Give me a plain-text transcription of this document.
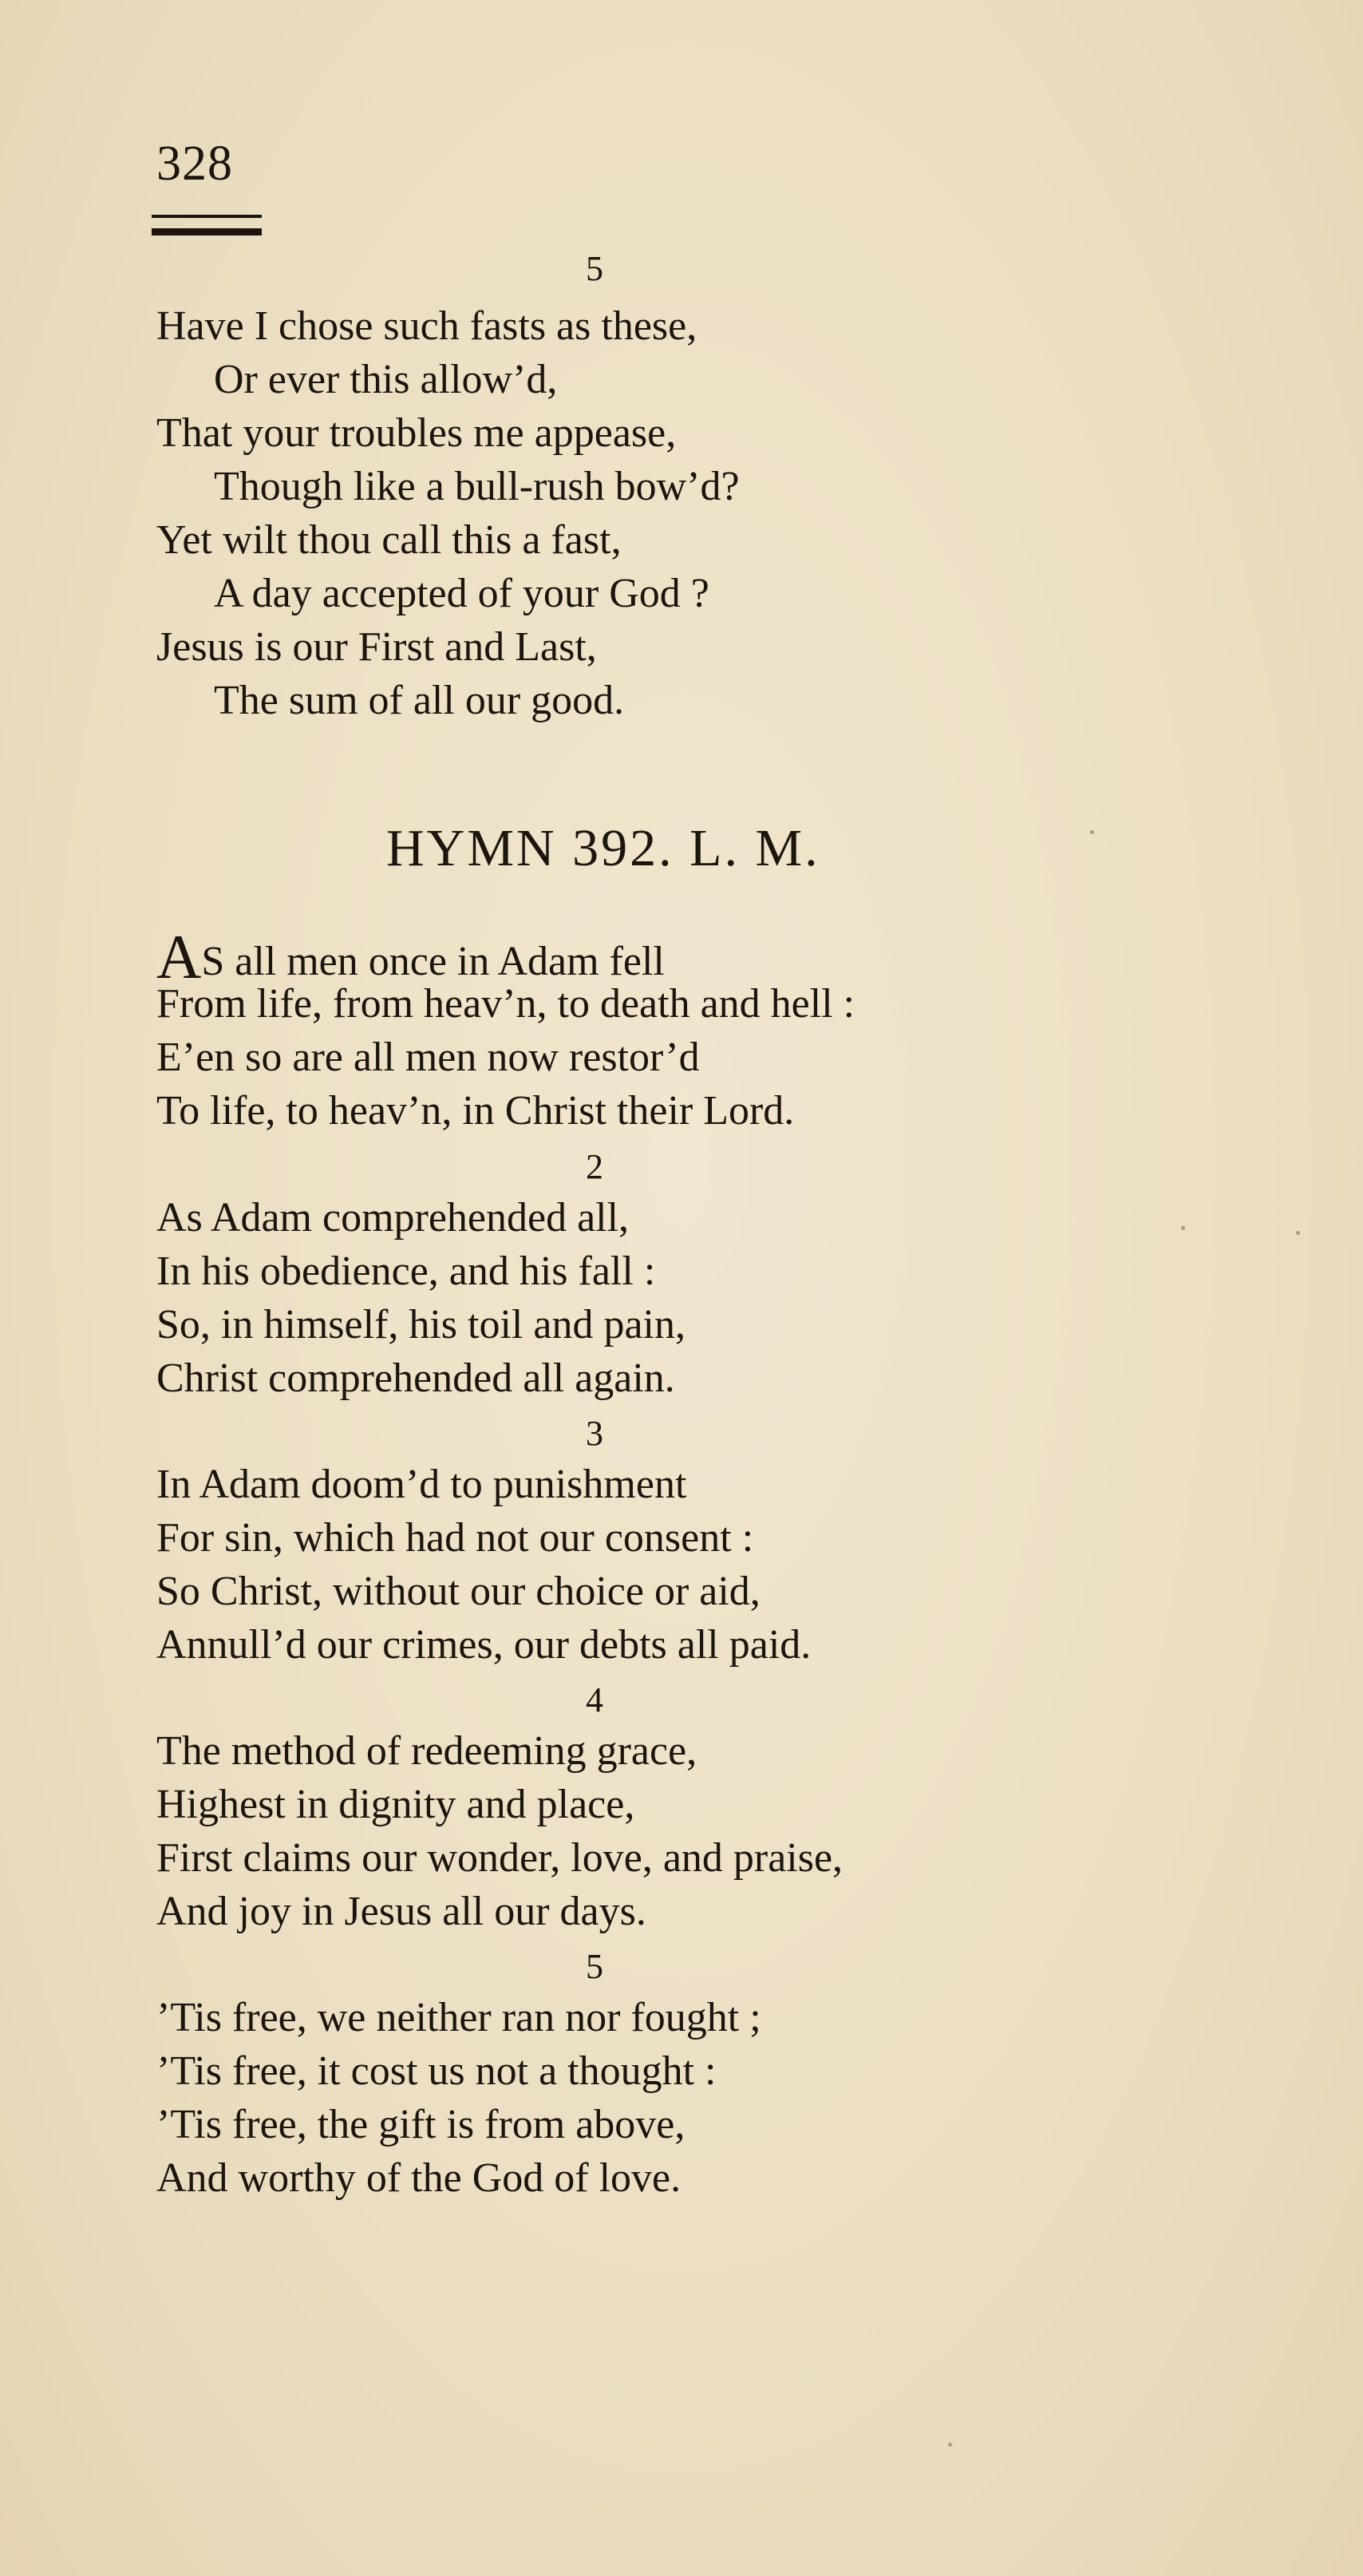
328
5
Have I chose such fasts as these,
Or ever this allow’d,
That your troubles me appease,
Though like a bull-rush bow’d?
Yet wilt thou call this a fast,
A day accepted of your God ?
Jesus is our First and Last,
The sum of all our good.
HYMN 392. L. M.
AS all men once in Adam fell
From life, from heav’n, to death and hell :
E’en so are all men now restor’d
To life, to heav’n, in Christ their Lord.
2
As Adam comprehended all,
In his obedience, and his fall :
So, in himself, his toil and pain,
Christ comprehended all again.
3
In Adam doom’d to punishment
For sin, which had not our consent :
So Christ, without our choice or aid,
Annull’d our crimes, our debts all paid.
4
The method of redeeming grace,
Highest in dignity and place,
First claims our wonder, love, and praise,
And joy in Jesus all our days.
5
’Tis free, we neither ran nor fought ;
’Tis free, it cost us not a thought :
’Tis free, the gift is from above,
And worthy of the God of love.
